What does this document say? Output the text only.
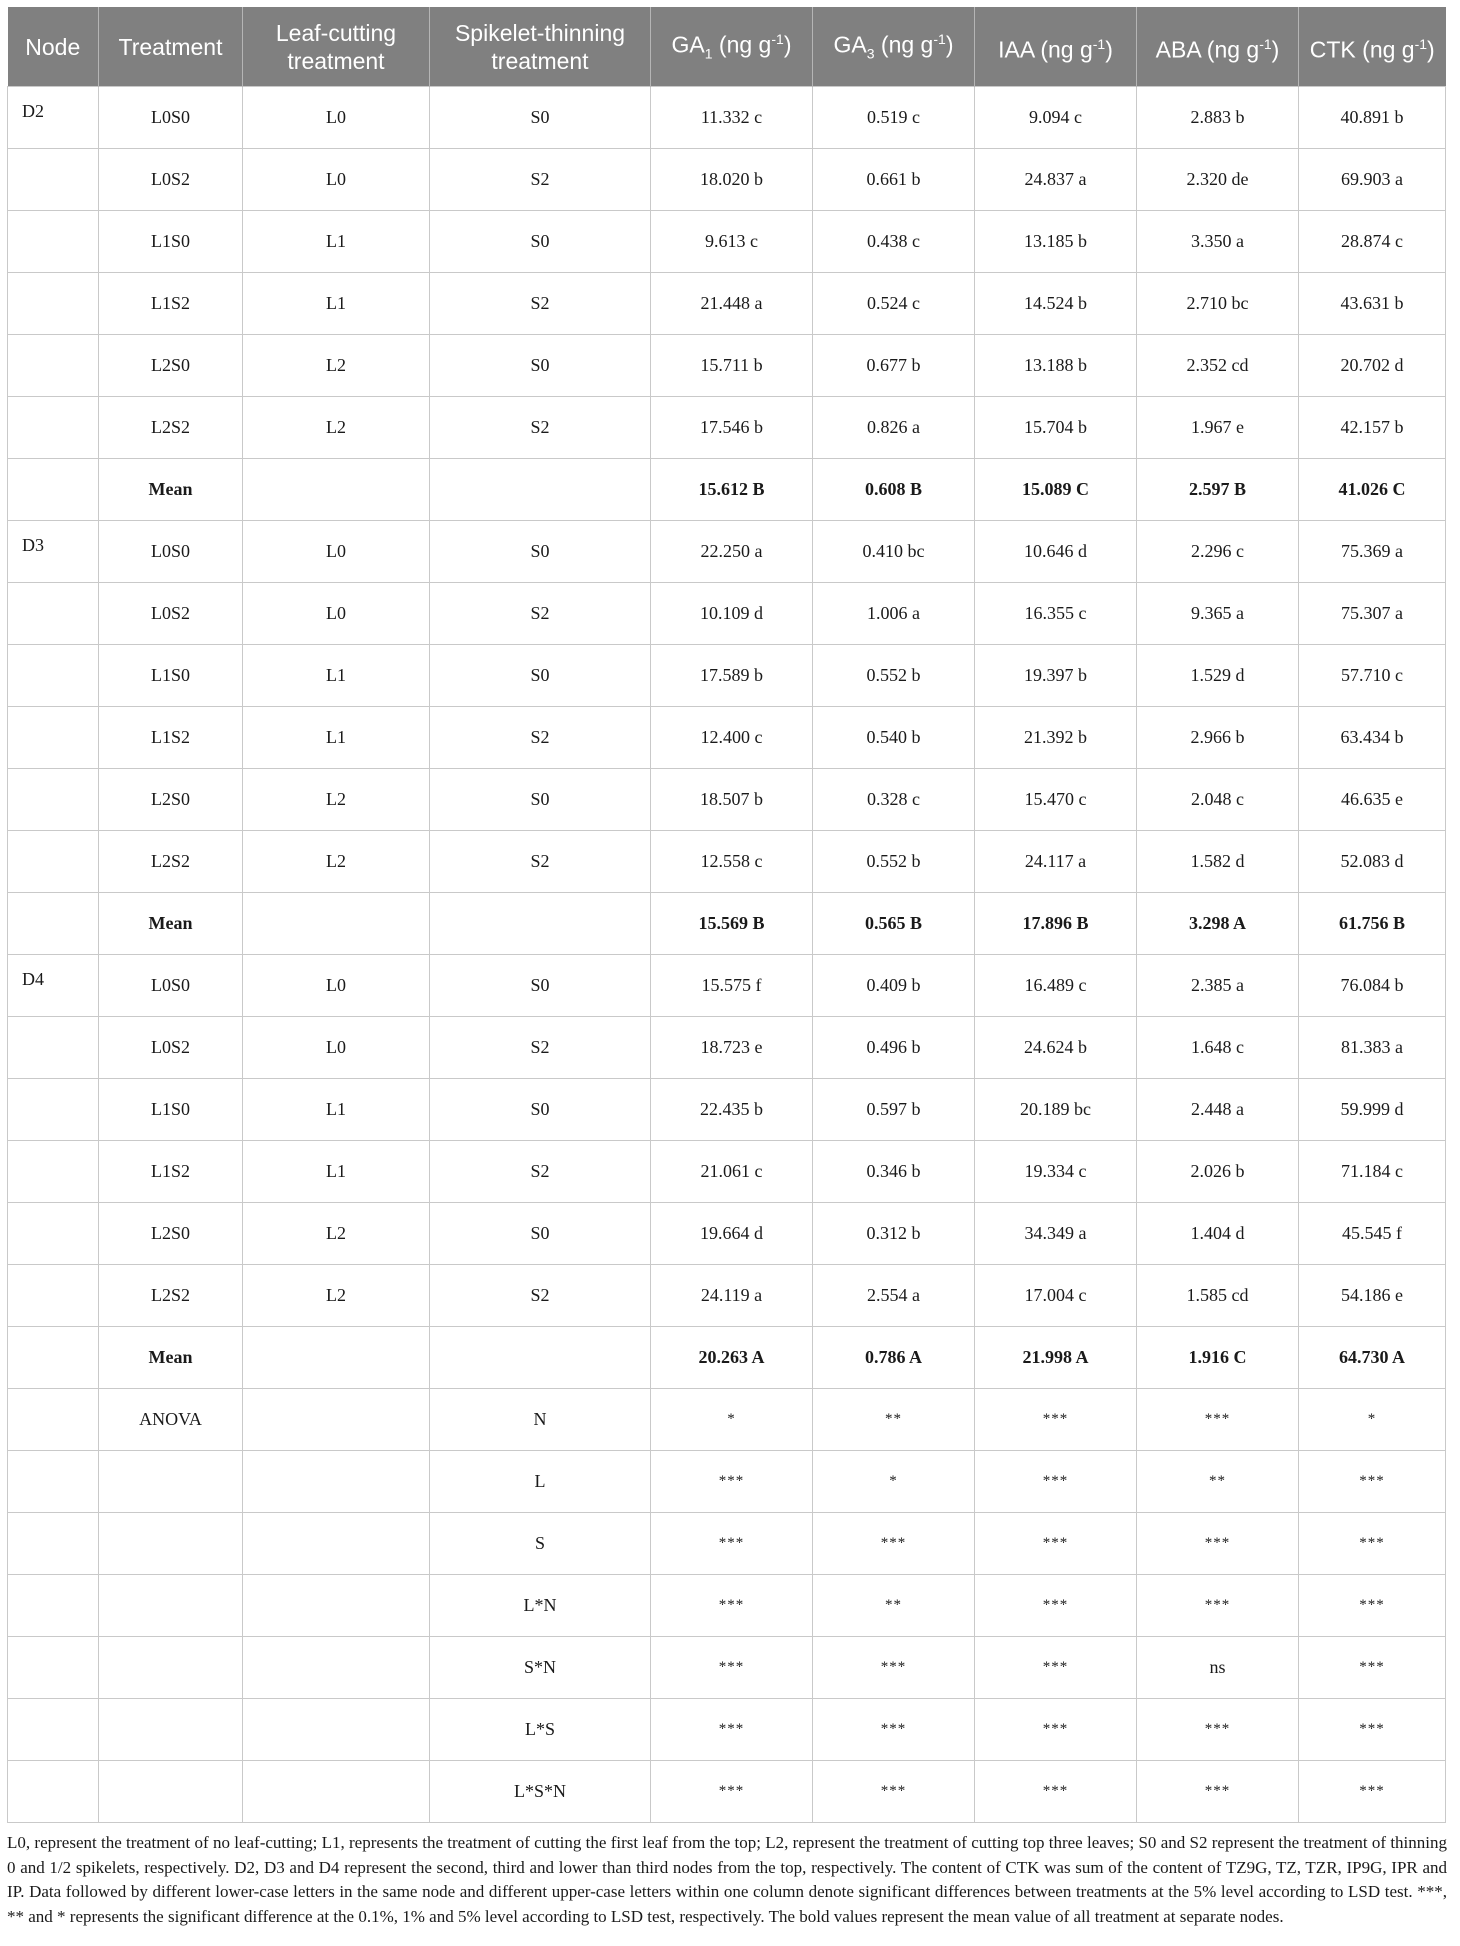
Node	Treatment	Leaf-cutting treatment	Spikelet-thinning treatment	$GA_1$ (ng $g^{-1}$)	$GA_3$ (ng $g^{-1}$)	IAA (ng $g^{-1}$)	ABA (ng $g^{-1}$)	CTK (ng $g^{-1}$)
D2	L0S0	L0	S0	11.332 c	0.519 c	9.094 c	2.883 b	40.891 b
	L0S2	L0	S2	18.020 b	0.661 b	24.837 a	2.320 de	69.903 a
	L1S0	L1	S0	9.613 c	0.438 c	13.185 b	3.350 a	28.874 c
	L1S2	L1	S2	21.448 a	0.524 c	14.524 b	2.710 bc	43.631 b
	L2S0	L2	S0	15.711 b	0.677 b	13.188 b	2.352 cd	20.702 d
	L2S2	L2	S2	17.546 b	0.826 a	15.704 b	1.967 e	42.157 b
	Mean			15.612 B	0.608 B	15.089 C	2.597 B	41.026 C
D3	L0S0	L0	S0	22.250 a	0.410 bc	10.646 d	2.296 c	75.369 a
	L0S2	L0	S2	10.109 d	1.006 a	16.355 c	9.365 a	75.307 a
	L1S0	L1	S0	17.589 b	0.552 b	19.397 b	1.529 d	57.710 c
	L1S2	L1	S2	12.400 c	0.540 b	21.392 b	2.966 b	63.434 b
	L2S0	L2	S0	18.507 b	0.328 c	15.470 c	2.048 c	46.635 e
	L2S2	L2	S2	12.558 c	0.552 b	24.117 a	1.582 d	52.083 d
	Mean			15.569 B	0.565 B	17.896 B	3.298 A	61.756 B
D4	L0S0	L0	S0	15.575 f	0.409 b	16.489 c	2.385 a	76.084 b
	L0S2	L0	S2	18.723 e	0.496 b	24.624 b	1.648 c	81.383 a
	L1S0	L1	S0	22.435 b	0.597 b	20.189 bc	2.448 a	59.999 d
	L1S2	L1	S2	21.061 c	0.346 b	19.334 c	2.026 b	71.184 c
	L2S0	L2	S0	19.664 d	0.312 b	34.349 a	1.404 d	45.545 f
	L2S2	L2	S2	24.119 a	2.554 a	17.004 c	1.585 cd	54.186 e
	Mean			20.263 A	0.786 A	21.998 A	1.916 C	64.730 A
	ANOVA		N	*	**	***	***	*
			L	***	*	***	**	***
			S	***	***	***	***	***
			L*N	***	**	***	***	***
			S*N	***	***	***	ns	***
			L*S	***	***	***	***	***
			L*S*N	***	***	***	***	***

L0, represent the treatment of no leaf-cutting; L1, represents the treatment of cutting the first leaf from the top; L2, represent the treatment of cutting top three leaves; S0 and S2 represent the treatment of thinning 0 and 1/2 spikelets, respectively. D2, D3 and D4 represent the second, third and lower than third nodes from the top, respectively. The content of CTK was sum of the content of TZ9G, TZ, TZR, IP9G, IPR and IP. Data followed by different lower-case letters in the same node and different upper-case letters within one column denote significant differences between treatments at the 5% level according to LSD test. ***, ** and * represents the significant difference at the 0.1%, 1% and 5% level according to LSD test, respectively. The bold values represent the mean value of all treatment at separate nodes.
